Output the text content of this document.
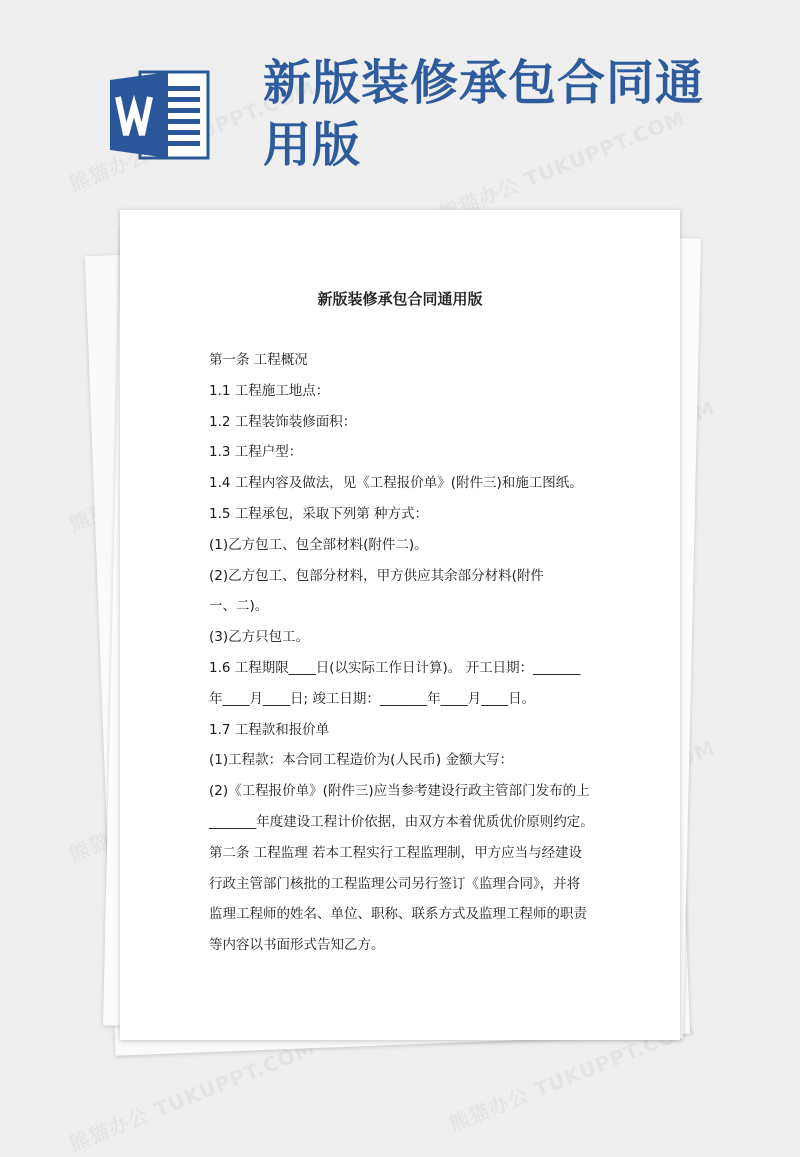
新版装修承包合同通用版
新版装修承包合同通用版
第一条 工程概况
1.1 工程施工地点：
1.2 工程装饰装修面积：
1.3 工程户型：
1.4 工程内容及做法，见《工程报价单》(附件三)和施工图纸。
1.5 工程承包，采取下列第 种方式：
(1)乙方包工、包全部材料(附件二)。
(2)乙方包工、包部分材料，甲方供应其余部分材料(附件
一、二)。
(3)乙方只包工。
1.6 工程期限____日(以实际工作日计算)。 开工日期：_______
年____月____日; 竣工日期：_______年____月____日。
1.7 工程款和报价单
(1)工程款：本合同工程造价为(人民币) 金额大写：
(2)《工程报价单》(附件三)应当参考建设行政主管部门发布的上
_______年度建设工程计价依据，由双方本着优质优价原则约定。
第二条 工程监理 若本工程实行工程监理制，甲方应当与经建设
行政主管部门核批的工程监理公司另行签订《监理合同》，并将
监理工程师的姓名、单位、职称、联系方式及监理工程师的职责
等内容以书面形式告知乙方。
